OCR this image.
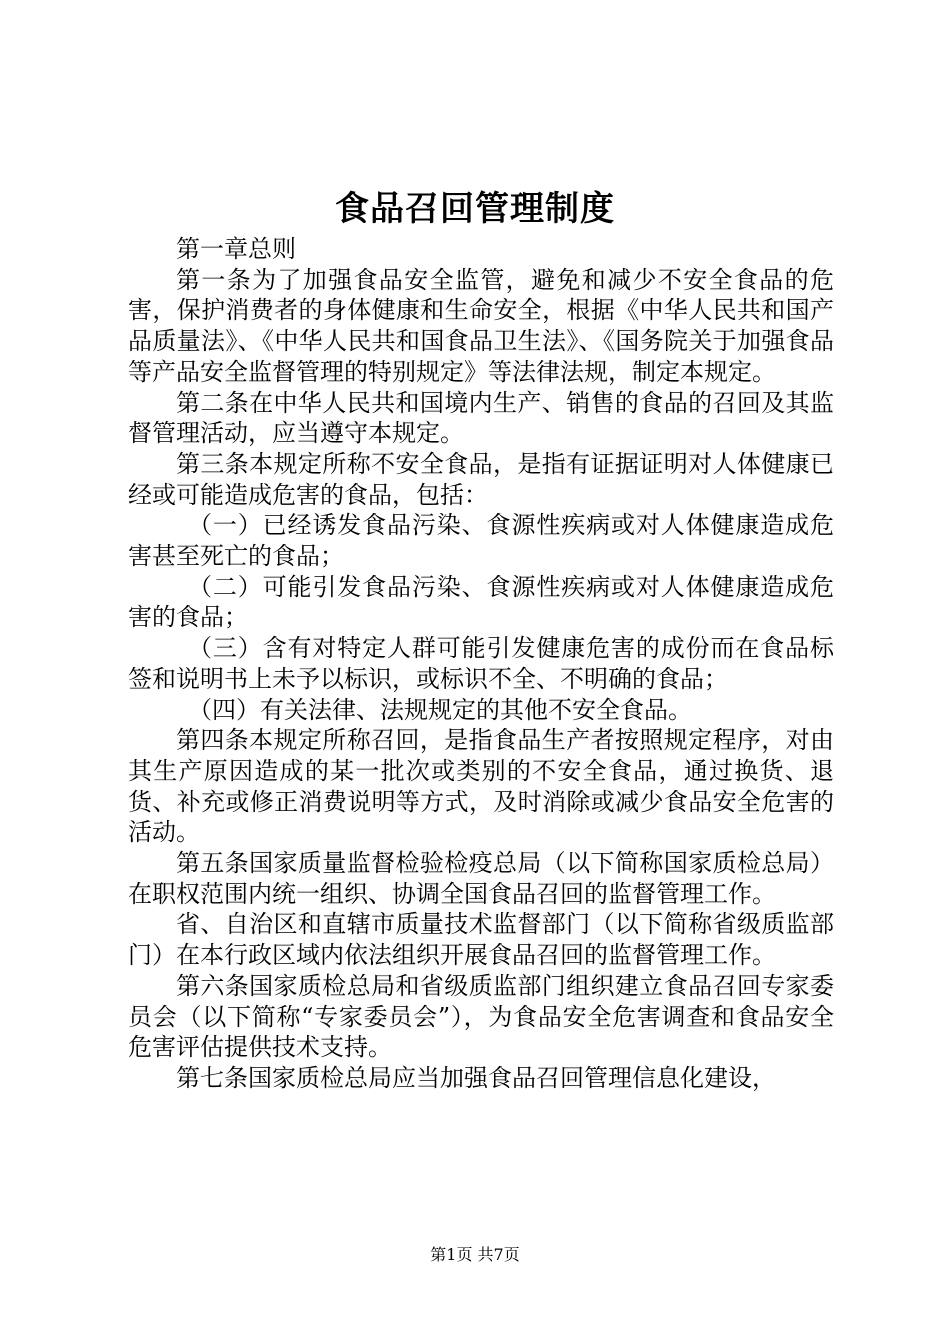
食品召回管理制度

第一章总则

第一条为了加强食品安全监管，避免和减少不安全食品的危害，保护消费者的身体健康和生命安全，根据《中华人民共和国产品质量法》、《中华人民共和国食品卫生法》、《国务院关于加强食品等产品安全监督管理的特别规定》等法律法规，制定本规定。

第二条在中华人民共和国境内生产、销售的食品的召回及其监督管理活动，应当遵守本规定。

第三条本规定所称不安全食品，是指有证据证明对人体健康已经或可能造成危害的食品，包括：

（一）已经诱发食品污染、食源性疾病或对人体健康造成危害甚至死亡的食品；

（二）可能引发食品污染、食源性疾病或对人体健康造成危害的食品；

（三）含有对特定人群可能引发健康危害的成份而在食品标签和说明书上未予以标识，或标识不全、不明确的食品；

（四）有关法律、法规规定的其他不安全食品。

第四条本规定所称召回，是指食品生产者按照规定程序，对由其生产原因造成的某一批次或类别的不安全食品，通过换货、退货、补充或修正消费说明等方式，及时消除或减少食品安全危害的活动。

第五条国家质量监督检验检疫总局（以下简称国家质检总局）在职权范围内统一组织、协调全国食品召回的监督管理工作。

省、自治区和直辖市质量技术监督部门（以下简称省级质监部门）在本行政区域内依法组织开展食品召回的监督管理工作。

第六条国家质检总局和省级质监部门组织建立食品召回专家委员会（以下简称“专家委员会”），为食品安全危害调查和食品安全危害评估提供技术支持。

第七条国家质检总局应当加强食品召回管理信息化建设，

第1页 共7页
